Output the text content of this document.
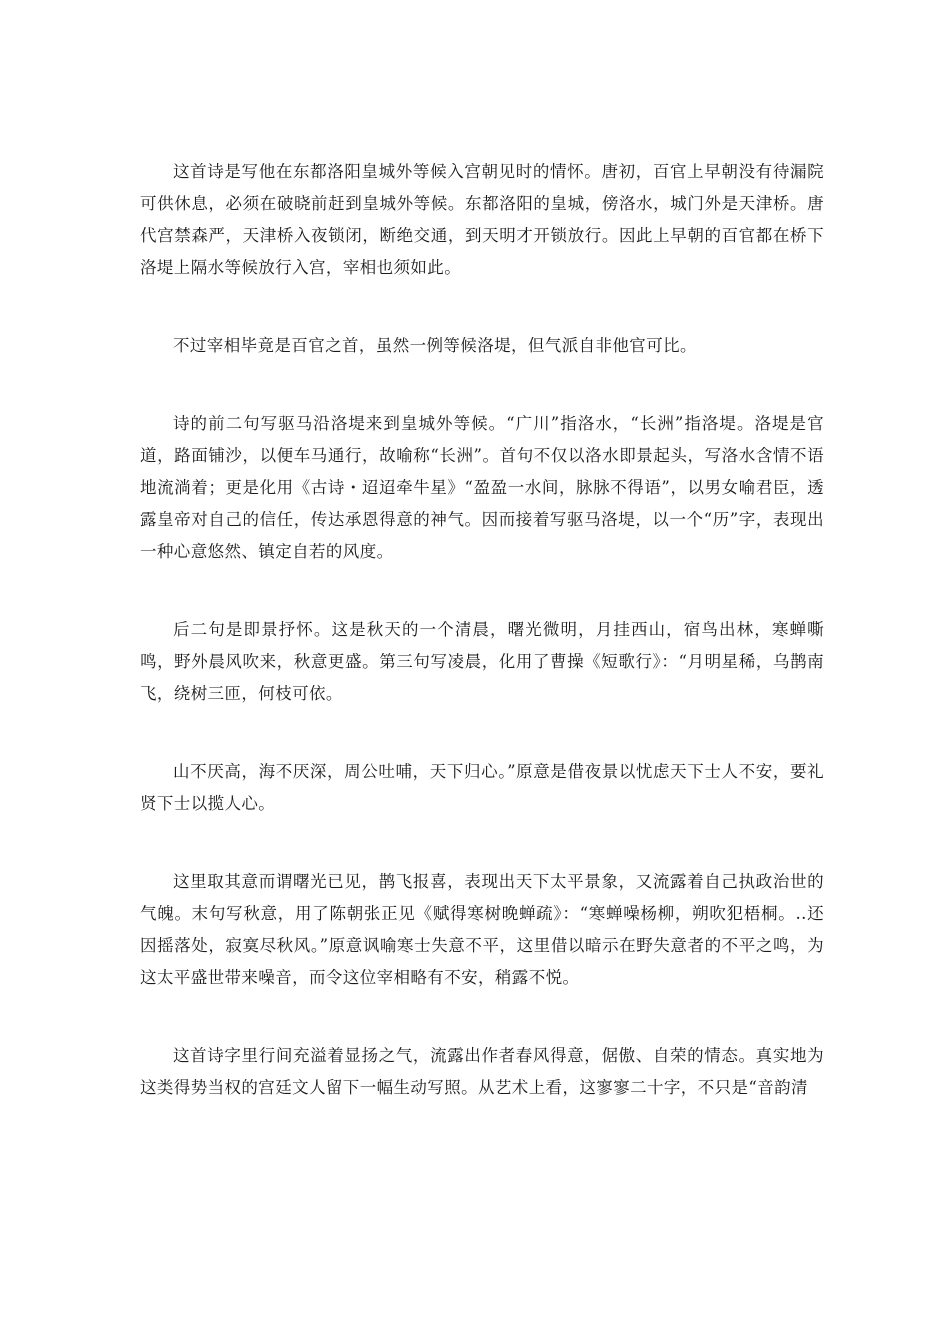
这首诗是写他在东都洛阳皇城外等候入宫朝见时的情怀。唐初，百官上早朝没有待漏院可供休息，必须在破晓前赶到皇城外等候。东都洛阳的皇城，傍洛水，城门外是天津桥。唐代宫禁森严，天津桥入夜锁闭，断绝交通，到天明才开锁放行。因此上早朝的百官都在桥下洛堤上隔水等候放行入宫，宰相也须如此。

不过宰相毕竟是百官之首，虽然一例等候洛堤，但气派自非他官可比。

诗的前二句写驱马沿洛堤来到皇城外等候。“广川”指洛水，“长洲”指洛堤。洛堤是官道，路面铺沙，以便车马通行，故喻称“长洲”。首句不仅以洛水即景起头，写洛水含情不语地流淌着；更是化用《古诗・迢迢牵牛星》“盈盈一水间，脉脉不得语”，以男女喻君臣，透露皇帝对自己的信任，传达承恩得意的神气。因而接着写驱马洛堤，以一个“历”字，表现出一种心意悠然、镇定自若的风度。

后二句是即景抒怀。这是秋天的一个清晨，曙光微明，月挂西山，宿鸟出林，寒蝉嘶鸣，野外晨风吹来，秋意更盛。第三句写凌晨，化用了曹操《短歌行》：“月明星稀，乌鹊南飞，绕树三匝，何枝可依。

山不厌高，海不厌深，周公吐哺，天下归心。”原意是借夜景以忧虑天下士人不安，要礼贤下士以揽人心。

这里取其意而谓曙光已见，鹊飞报喜，表现出天下太平景象，又流露着自己执政治世的气魄。末句写秋意，用了陈朝张正见《赋得寒树晚蝉疏》：“寒蝉噪杨柳，朔吹犯梧桐。..还因摇落处，寂寞尽秋风。”原意讽喻寒士失意不平，这里借以暗示在野失意者的不平之鸣，为这太平盛世带来噪音，而令这位宰相略有不安，稍露不悦。

这首诗字里行间充溢着显扬之气，流露出作者春风得意，倨傲、自荣的情态。真实地为这类得势当权的宫廷文人留下一幅生动写照。从艺术上看，这寥寥二十字，不只是“音韵清
